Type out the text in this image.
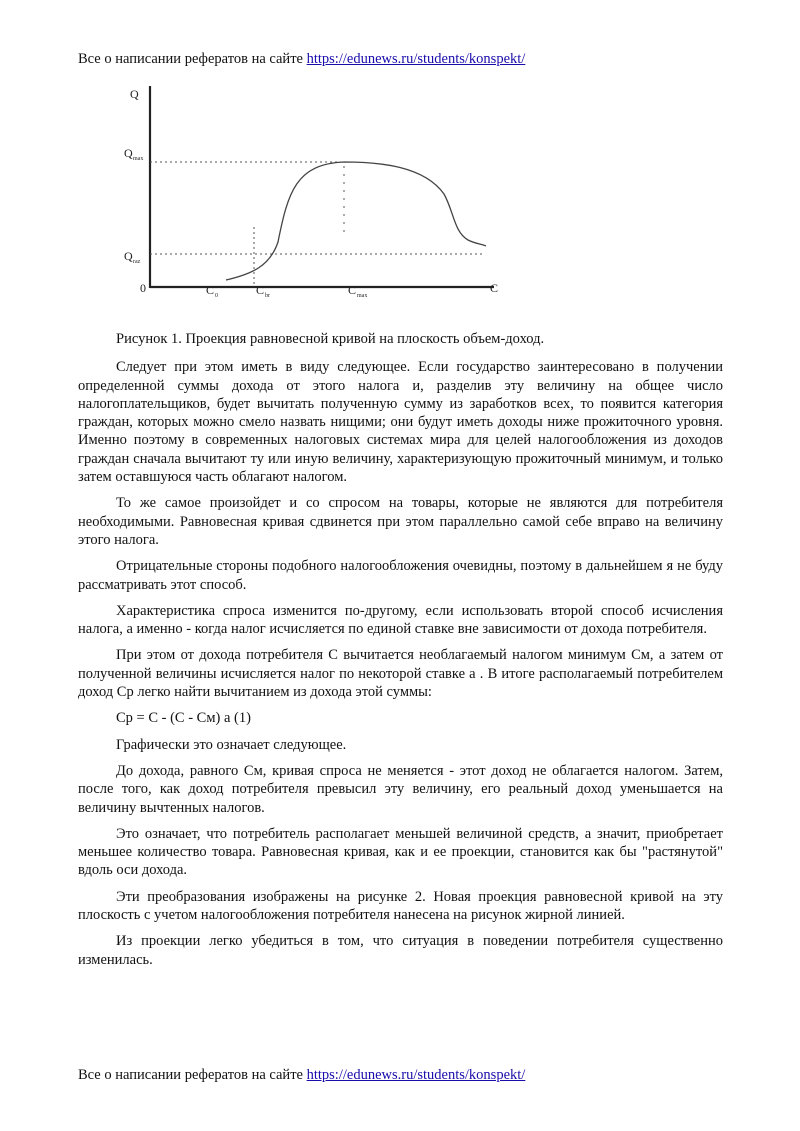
Все о написании рефератов на сайте https://edunews.ru/students/konspekt/
Q
C
0
Q max
Q raz
C 0	C br	C max

Рисунок 1. Проекция равновесной кривой на плоскость объем-доход.

Следует при этом иметь в виду следующее. Если государство заинтересовано в получении определенной суммы дохода от этого налога и, разделив эту величину на общее число налогоплательщиков, будет вычитать полученную сумму из заработков всех, то появится категория граждан, которых можно смело назвать нищими; они будут иметь доходы ниже прожиточного уровня. Именно поэтому в современных налоговых системах мира для целей налогообложения из доходов граждан сначала вычитают ту или иную величину, характеризующую прожиточный минимум, и только затем оставшуюся часть облагают налогом.

То же самое произойдет и со спросом на товары, которые не являются для потребителя необходимыми. Равновесная кривая сдвинется при этом параллельно самой себе вправо на величину этого налога.

Отрицательные стороны подобного налогообложения очевидны, поэтому в дальнейшем я не буду рассматривать этот способ.

Характеристика спроса изменится по-другому, если использовать второй способ исчисления налога, а именно - когда налог исчисляется по единой ставке вне зависимости от дохода потребителя.

При этом от дохода потребителя С вычитается необлагаемый налогом минимум См, а затем от полученной величины исчисляется налог по некоторой ставке а . В итоге располагаемый потребителем доход Ср легко найти вычитанием из дохода этой суммы:

Ср = С - (С - См) а (1)

Графически это означает следующее.

До дохода, равного См, кривая спроса не меняется - этот доход не облагается налогом. Затем, после того, как доход потребителя превысил эту величину, его реальный доход уменьшается на величину вычтенных налогов.

Это означает, что потребитель располагает меньшей величиной средств, а значит, приобретает меньшее количество товара. Равновесная кривая, как и ее проекции, становится как бы "растянутой" вдоль оси дохода.

Эти преобразования изображены на рисунке 2. Новая проекция равновесной кривой на эту плоскость с учетом налогообложения потребителя нанесена на рисунок жирной линией.

Из проекции легко убедиться в том, что ситуация в поведении потребителя существенно изменилась.

Все о написании рефератов на сайте https://edunews.ru/students/konspekt/
